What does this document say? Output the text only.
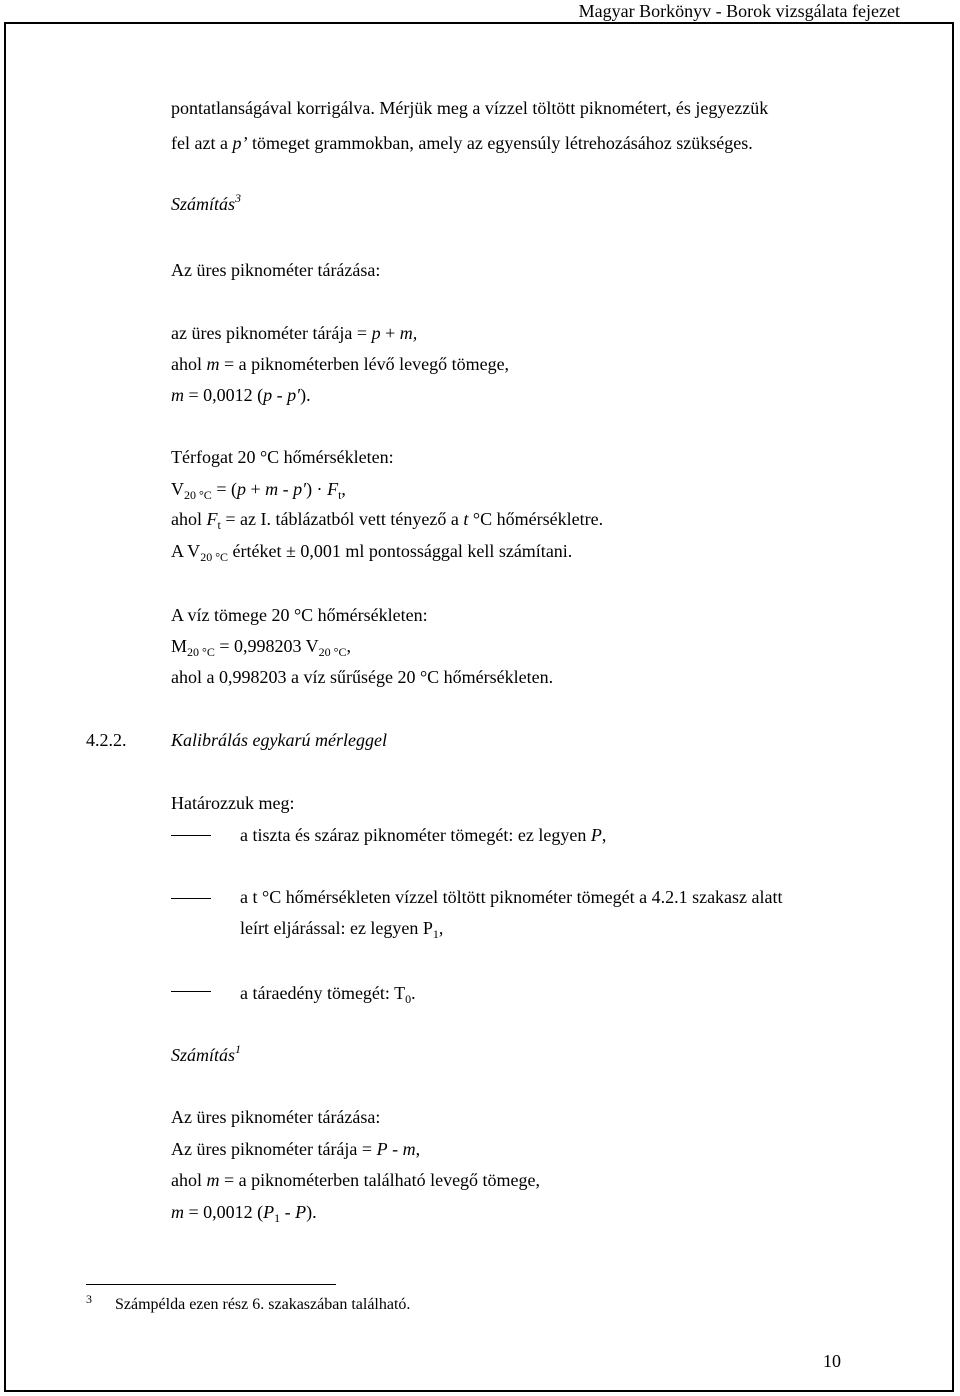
Magyar Borkönyv - Borok vizsgálata fejezet
pontatlanságával korrigálva. Mérjük meg a vízzel töltött piknométert, és jegyezzük
fel azt a p’ tömeget grammokban, amely az egyensúly létrehozásához szükséges.
Számítás$^3$
Az üres piknométer tárázása:
az üres piknométer tárája = p + m,
ahol m = a piknométerben lévő levegő tömege,
m = 0,0012 (p - p′).
Térfogat 20 °C hőmérsékleten:
$V_{20 ^\circ C} = (p + m - p') \cdot F_t$,
ahol $F_t$ = az I. táblázatból vett tényező a t °C hőmérsékletre.
A $V_{20 ^\circ C}$ értéket ± 0,001 ml pontossággal kell számítani.
A víz tömege 20 °C hőmérsékleten:
$M_{20 ^\circ C} = 0,998203$ $V_{20 ^\circ C}$,
ahol a 0,998203 a víz sűrűsége 20 °C hőmérsékleten.
4.2.2. Kalibrálás egykarú mérleggel
Határozzuk meg:
a tiszta és száraz piknométer tömegét: ez legyen P,
a t °C hőmérsékleten vízzel töltött piknométer tömegét a 4.2.1 szakasz alatt
leírt eljárással: ez legyen $P_1$,
a táraedény tömegét: $T_0$.
Számítás$^1$
Az üres piknométer tárázása:
Az üres piknométer tárája = P - m,
ahol m = a piknométerben található levegő tömege,
m = 0,0012 $(P_1 - P)$.
3 Számpélda ezen rész 6. szakaszában található.
10
